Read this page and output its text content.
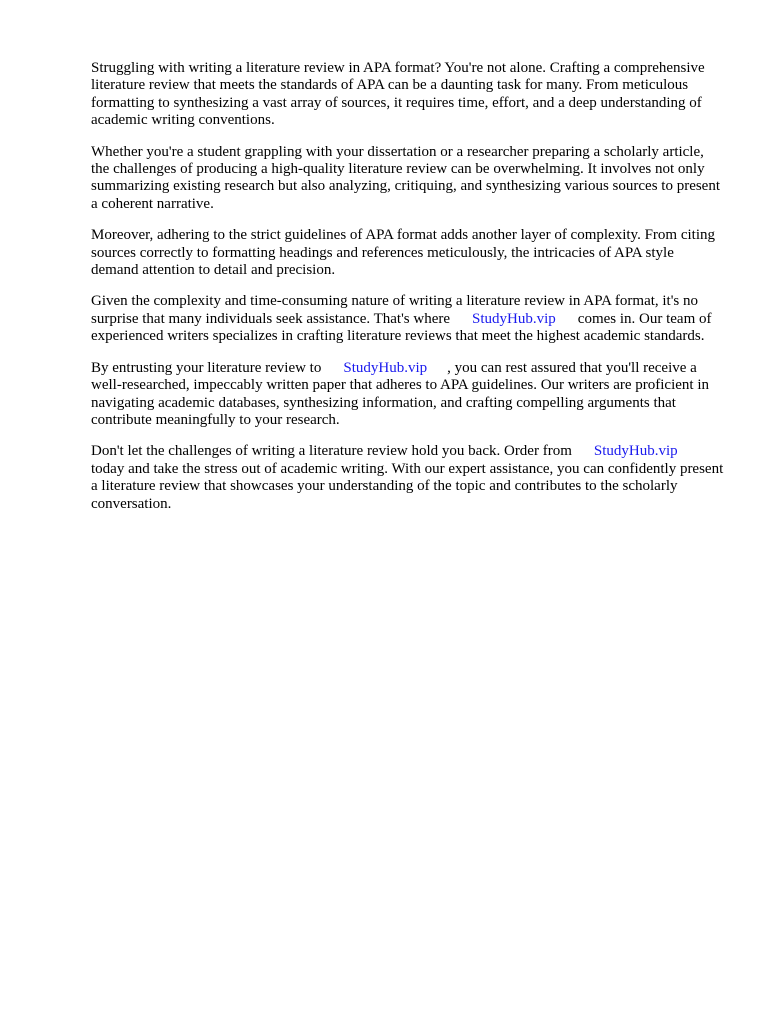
Struggling with writing a literature review in APA format? You're not alone. Crafting a comprehensive literature review that meets the standards of APA can be a daunting task for many. From meticulous formatting to synthesizing a vast array of sources, it requires time, effort, and a deep understanding of academic writing conventions.

Whether you're a student grappling with your dissertation or a researcher preparing a scholarly article, the challenges of producing a high-quality literature review can be overwhelming. It involves not only summarizing existing research but also analyzing, critiquing, and synthesizing various sources to present a coherent narrative.

Moreover, adhering to the strict guidelines of APA format adds another layer of complexity. From citing sources correctly to formatting headings and references meticulously, the intricacies of APA style demand attention to detail and precision.

Given the complexity and time-consuming nature of writing a literature review in APA format, it's no surprise that many individuals seek assistance. That's where StudyHub.vip comes in. Our team of experienced writers specializes in crafting literature reviews that meet the highest academic standards.

By entrusting your literature review to StudyHub.vip , you can rest assured that you'll receive a well-researched, impeccably written paper that adheres to APA guidelines. Our writers are proficient in navigating academic databases, synthesizing information, and crafting compelling arguments that contribute meaningfully to your research.

Don't let the challenges of writing a literature review hold you back. Order from StudyHub.viptoday and take the stress out of academic writing. With our expert assistance, you can confidently present a literature review that showcases your understanding of the topic and contributes to the scholarly conversation.
